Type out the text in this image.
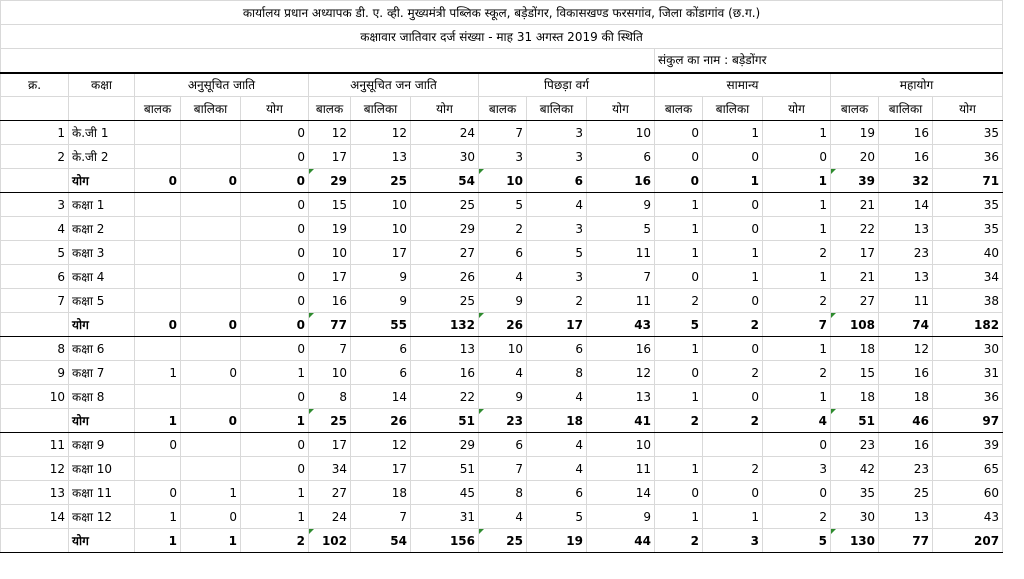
कार्यालय प्रधान अध्यापक डी. ए. व्ही. मुख्यमंत्री पब्लिक स्कूल, बड़ेडोंगर, विकासखण्ड फरसगांव, जिला कोंडागांव (छ.ग.)																
कक्षावार जातिवार दर्ज संख्या - माह 31 अगस्त 2019 की स्थिति																
											संकुल का नाम : बड़ेडोंगर					
क्र.	कक्षा	अनुसूचित जाति			अनुसूचित जन जाति			पिछड़ा वर्ग			सामान्य			महायोग		
		बालक	बालिका	योग	बालक	बालिका	योग	बालक	बालिका	योग	बालक	बालिका	योग	बालक	बालिका	योग
1	के.जी 1			0	12	12	24	7	3	10	0	1	1	19	16	35
2	के.जी 2			0	17	13	30	3	3	6	0	0	0	20	16	36
	योग	0	0	0	29	25	54	10	6	16	0	1	1	39	32	71
3	कक्षा 1			0	15	10	25	5	4	9	1	0	1	21	14	35
4	कक्षा 2			0	19	10	29	2	3	5	1	0	1	22	13	35
5	कक्षा 3			0	10	17	27	6	5	11	1	1	2	17	23	40
6	कक्षा 4			0	17	9	26	4	3	7	0	1	1	21	13	34
7	कक्षा 5			0	16	9	25	9	2	11	2	0	2	27	11	38
	योग	0	0	0	77	55	132	26	17	43	5	2	7	108	74	182
8	कक्षा 6			0	7	6	13	10	6	16	1	0	1	18	12	30
9	कक्षा 7	1	0	1	10	6	16	4	8	12	0	2	2	15	16	31
10	कक्षा 8			0	8	14	22	9	4	13	1	0	1	18	18	36
	योग	1	0	1	25	26	51	23	18	41	2	2	4	51	46	97
11	कक्षा 9	0		0	17	12	29	6	4	10			0	23	16	39
12	कक्षा 10			0	34	17	51	7	4	11	1	2	3	42	23	65
13	कक्षा 11	0	1	1	27	18	45	8	6	14	0	0	0	35	25	60
14	कक्षा 12	1	0	1	24	7	31	4	5	9	1	1	2	30	13	43
	योग	1	1	2	102	54	156	25	19	44	2	3	5	130	77	207
